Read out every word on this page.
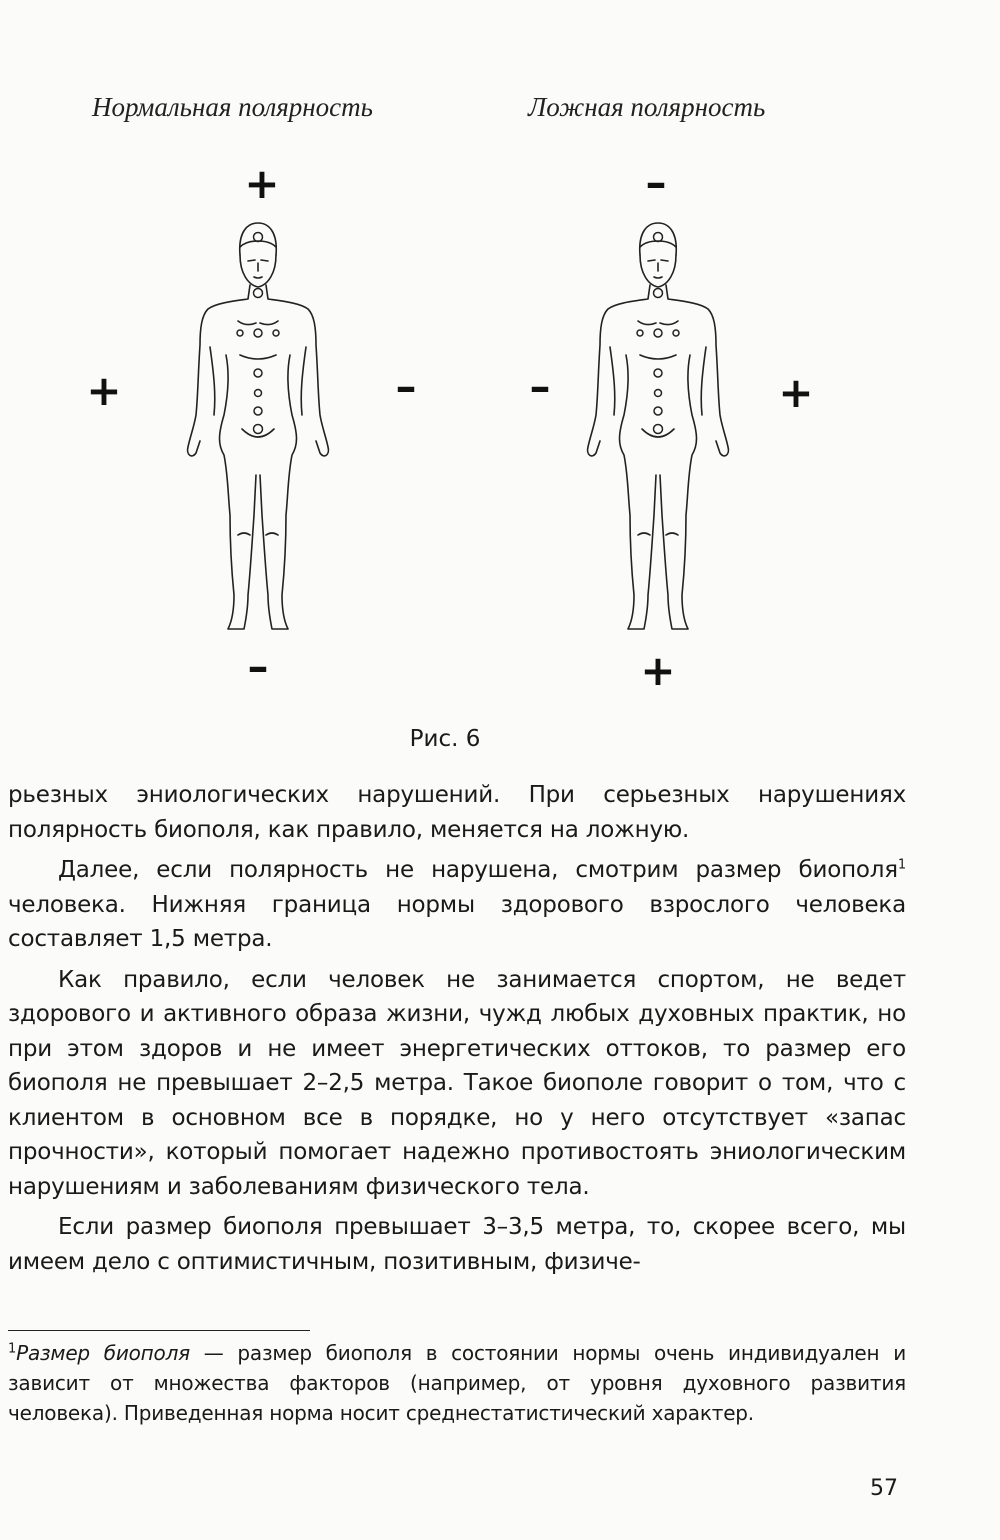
Нормальная полярность	Ложная полярность
+
+	–
–
–
–	+
+
Рис. 6

рьезных эниологических нарушений. При серьезных нарушениях полярность биополя, как правило, меняется на ложную.

Далее, если полярность не нарушена, смотрим размер биополя$^1$ человека. Нижняя граница нормы здорового взрослого человека составляет 1,5 метра.

Как правило, если человек не занимается спортом, не ведет здорового и активного образа жизни, чужд любых духовных практик, но при этом здоров и не имеет энергетических оттоков, то размер его биополя не превышает 2–2,5 метра. Такое биополе говорит о том, что с клиентом в основном все в порядке, но у него отсутствует «запас прочности», который помогает надежно противостоять эниологическим нарушениям и заболеваниям физического тела.

Если размер биополя превышает 3–3,5 метра, то, скорее всего, мы имеем дело с оптимистичным, позитивным, физиче-

$^1$Размер биополя — размер биополя в состоянии нормы очень индивидуален и зависит от множества факторов (например, от уровня духовного развития человека). Приведенная норма носит среднестатистический характер.
57
